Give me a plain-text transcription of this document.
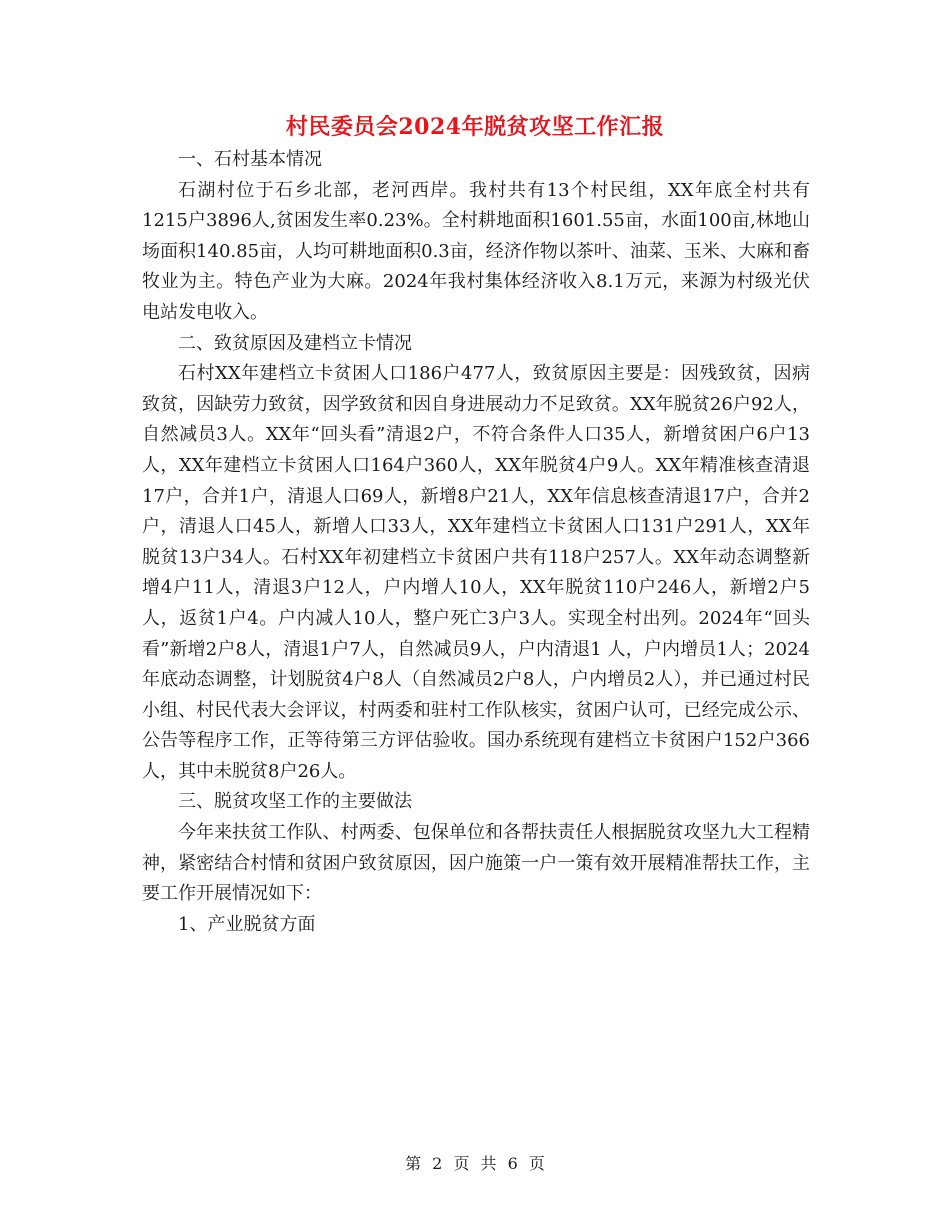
村民委员会2024年脱贫攻坚工作汇报

一、石村基本情况

石湖村位于石乡北部，老河西岸。我村共有13个村民组，XX年底全村共有1215户3896人,贫困发生率0.23%。全村耕地面积1601.55亩，水面100亩,林地山场面积140.85亩，人均可耕地面积0.3亩，经济作物以茶叶、油菜、玉米、大麻和畜牧业为主。特色产业为大麻。2024年我村集体经济收入8.1万元，来源为村级光伏电站发电收入。

二、致贫原因及建档立卡情况

石村XX年建档立卡贫困人口186户477人，致贫原因主要是：因残致贫，因病致贫，因缺劳力致贫，因学致贫和因自身进展动力不足致贫。XX年脱贫26户92人，自然减员3人。XX年“回头看”清退2户，不符合条件人口35人，新增贫困户6户13人，XX年建档立卡贫困人口164户360人，XX年脱贫4户9人。XX年精准核查清退17户，合并1户，清退人口69人，新增8户21人，XX年信息核查清退17户，合并2户，清退人口45人，新增人口33人，XX年建档立卡贫困人口131户291人，XX年脱贫13户34人。石村XX年初建档立卡贫困户共有118户257人。XX年动态调整新增4户11人，清退3户12人，户内增人10人，XX年脱贫110户246人，新增2户5人，返贫1户4。户内减人10人，整户死亡3户3人。实现全村出列。2024年“回头看”新增2户8人，清退1户7人，自然减员9人，户内清退1 人，户内增员1人；2024年底动态调整，计划脱贫4户8人（自然减员2户8人，户内增员2人），并已通过村民小组、村民代表大会评议，村两委和驻村工作队核实，贫困户认可，已经完成公示、公告等程序工作，正等待第三方评估验收。国办系统现有建档立卡贫困户152户366人，其中未脱贫8户26人。

三、脱贫攻坚工作的主要做法

今年来扶贫工作队、村两委、包保单位和各帮扶责任人根据脱贫攻坚九大工程精神，紧密结合村情和贫困户致贫原因，因户施策一户一策有效开展精准帮扶工作，主要工作开展情况如下：

1、产业脱贫方面

第 2 页 共 6 页
